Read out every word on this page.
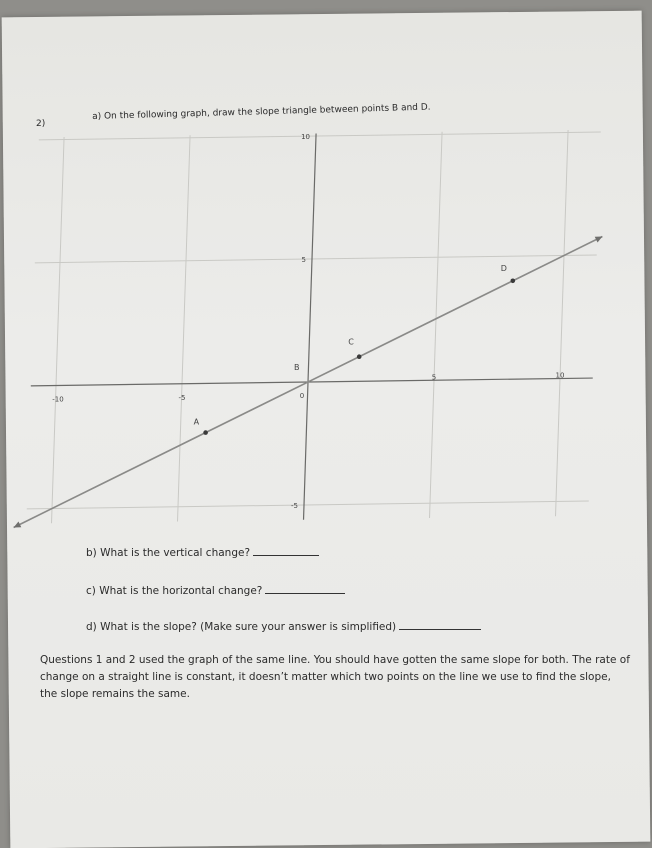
2)
a) On the following graph, draw the slope triangle between points B and D.
-10	-5	0
5	10
10
5
-5
A
B
C
D
b) What is the vertical change?
c) What is the horizontal change?
d) What is the slope? (Make sure your answer is simplified)
Questions 1 and 2 used the graph of the same line. You should have gotten the same slope for both. The rate of change on a straight line is constant, it doesn’t matter which two points on the line we use to find the slope, the slope remains the same.
